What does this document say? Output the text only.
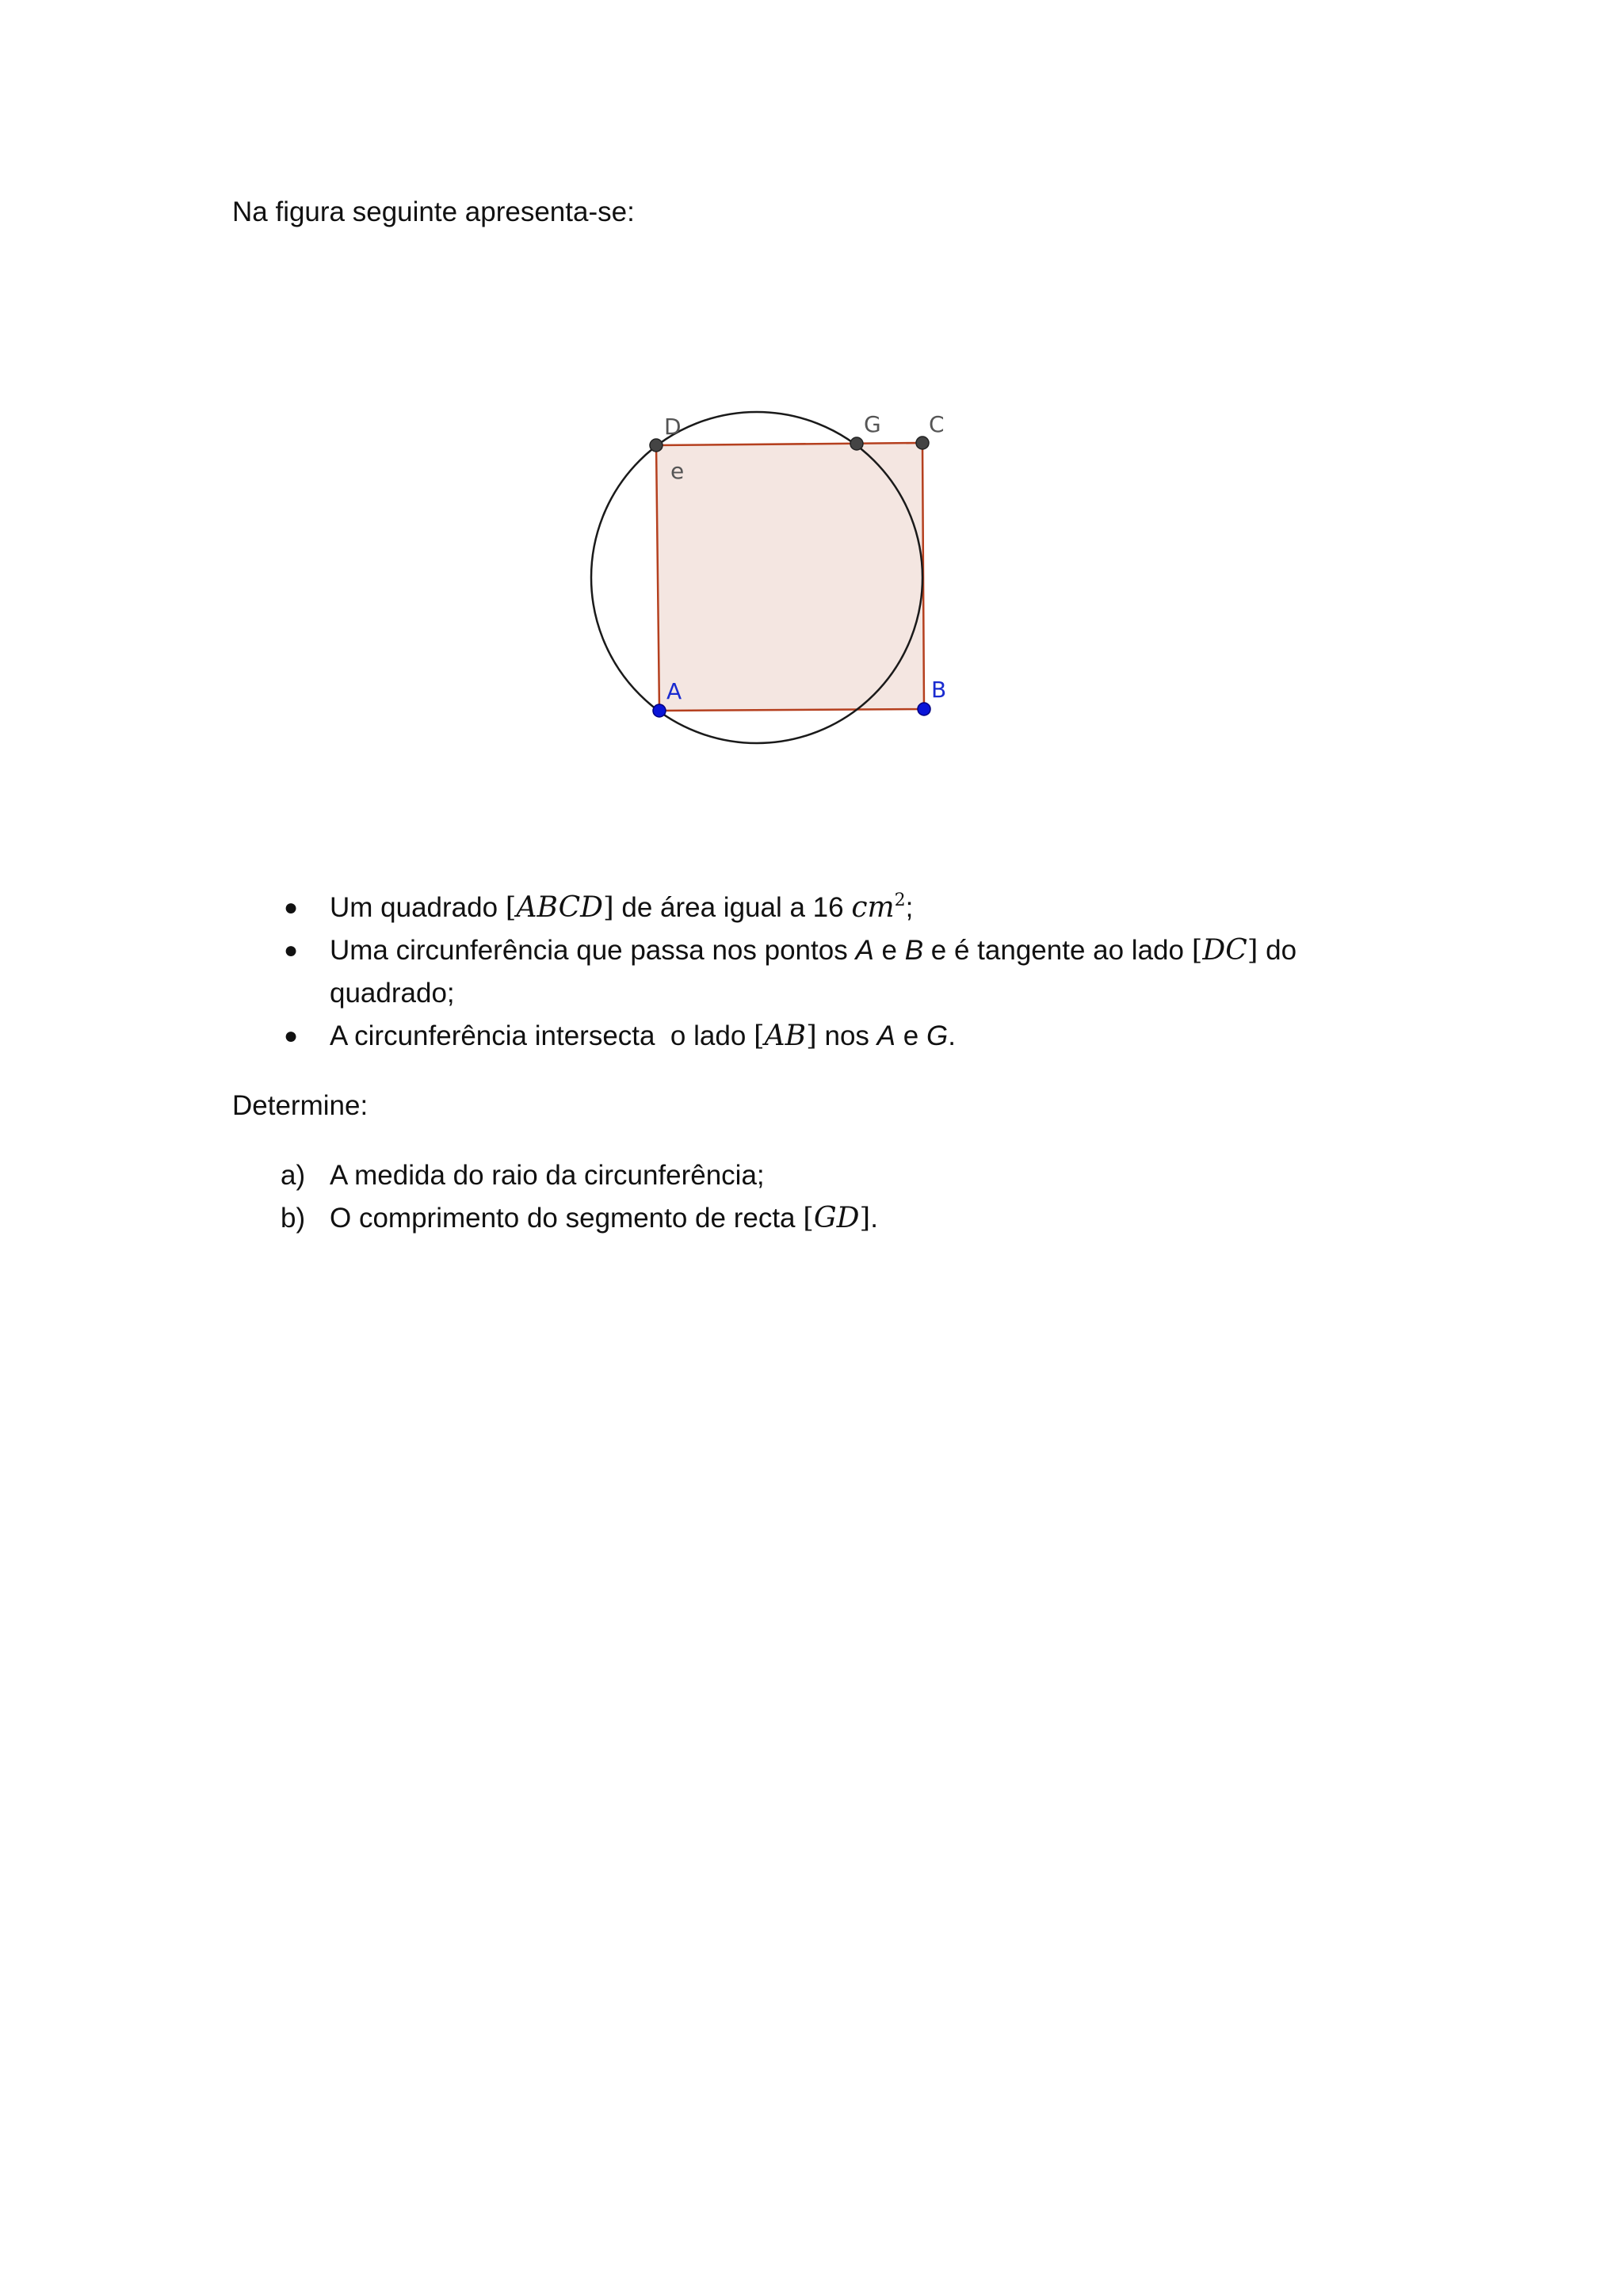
Na figura seguinte apresenta-se:
D	G C
e
A	B
● Um quadrado [ABCD] de área igual a 16 $cm^2$;
● Uma circunferência que passa nos pontos A e B e é tangente ao lado [DC] do
quadrado;
● A circunferência intersecta  o lado [AB] nos A e G.
Determine:
a) A medida do raio da circunferência;
b) O comprimento do segmento de recta [GD].
